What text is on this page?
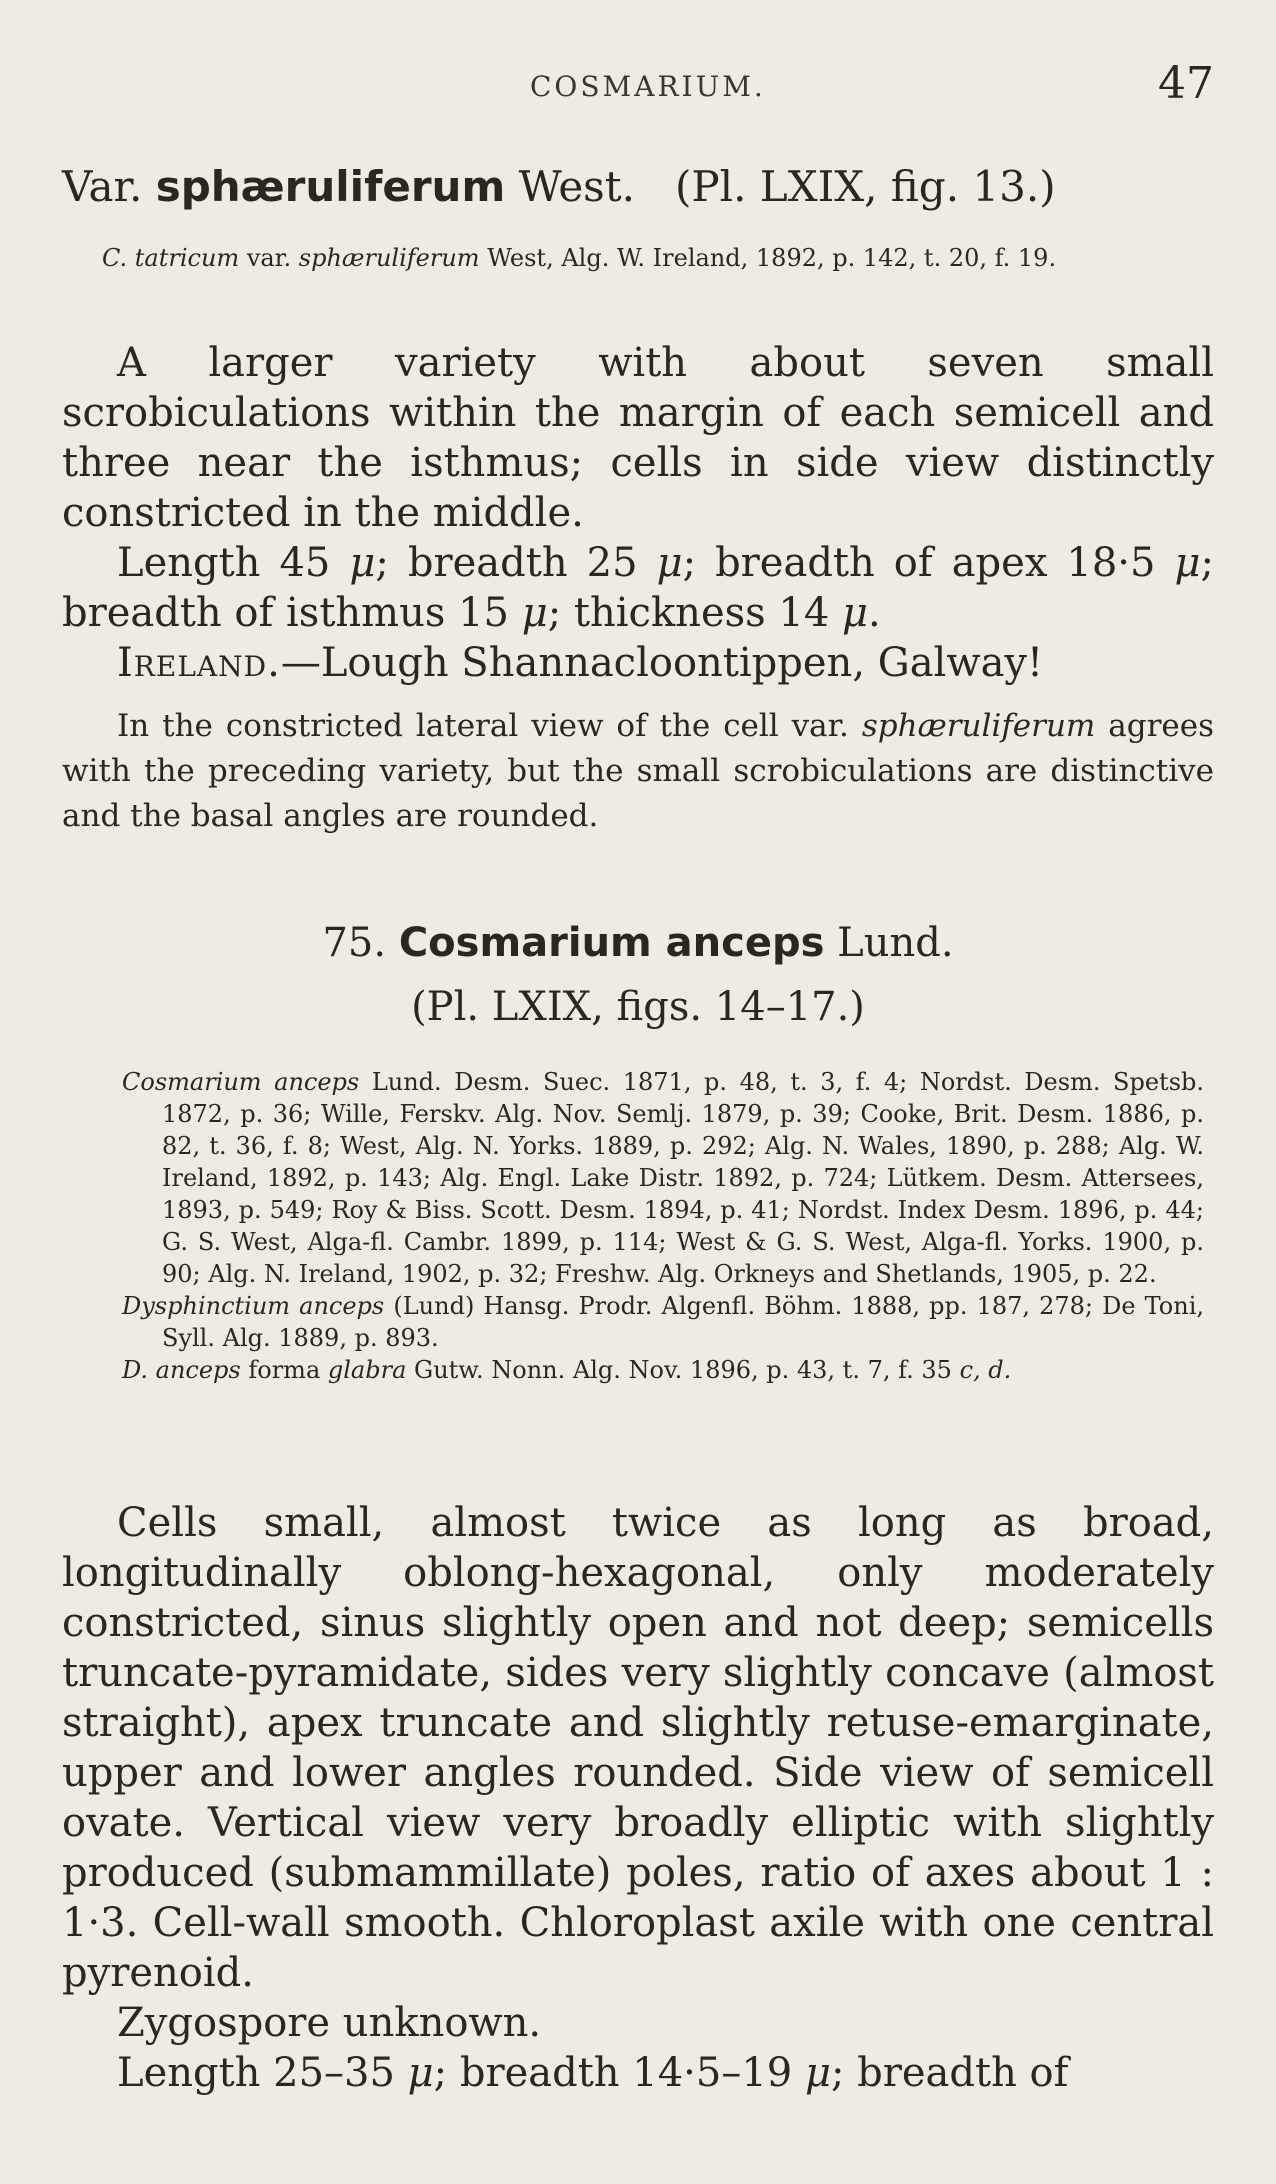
COSMARIUM.	47

Var. sphæruliferum West. (Pl. LXIX, fig. 13.)

C. tatricum var. sphæruliferum West, Alg. W. Ireland, 1892, p. 142, t. 20, f. 19.

A larger variety with about seven small scrobiculations within the margin of each semicell and three near the isthmus; cells in side view distinctly constricted in the middle.

Length 45 μ; breadth 25 μ; breadth of apex 18·5 μ; breadth of isthmus 15 μ; thickness 14 μ.

Ireland.—Lough Shannacloontippen, Galway!

In the constricted lateral view of the cell var. sphæruliferum agrees with the preceding variety, but the small scrobiculations are distinctive and the basal angles are rounded.

75. Cosmarium anceps Lund.

(Pl. LXIX, figs. 14–17.)

Cosmarium anceps Lund. Desm. Suec. 1871, p. 48, t. 3, f. 4; Nordst. Desm. Spetsb. 1872, p. 36; Wille, Ferskv. Alg. Nov. Semlj. 1879, p. 39; Cooke, Brit. Desm. 1886, p. 82, t. 36, f. 8; West, Alg. N. Yorks. 1889, p. 292; Alg. N. Wales, 1890, p. 288; Alg. W. Ireland, 1892, p. 143; Alg. Engl. Lake Distr. 1892, p. 724; Lütkem. Desm. Attersees, 1893, p. 549; Roy & Biss. Scott. Desm. 1894, p. 41; Nordst. Index Desm. 1896, p. 44; G. S. West, Alga-fl. Cambr. 1899, p. 114; West & G. S. West, Alga-fl. Yorks. 1900, p. 90; Alg. N. Ireland, 1902, p. 32; Freshw. Alg. Orkneys and Shetlands, 1905, p. 22.

Dysphinctium anceps (Lund) Hansg. Prodr. Algenfl. Böhm. 1888, pp. 187, 278; De Toni, Syll. Alg. 1889, p. 893.

D. anceps forma glabra Gutw. Nonn. Alg. Nov. 1896, p. 43, t. 7, f. 35 c, d.

Cells small, almost twice as long as broad, longitudinally oblong-hexagonal, only moderately constricted, sinus slightly open and not deep; semicells truncate-pyramidate, sides very slightly concave (almost straight), apex truncate and slightly retuse-emarginate, upper and lower angles rounded. Side view of semicell ovate. Vertical view very broadly elliptic with slightly produced (submammillate) poles, ratio of axes about 1 : 1·3. Cell-wall smooth. Chloroplast axile with one central pyrenoid.

Zygospore unknown.

Length 25–35 μ; breadth 14·5–19 μ; breadth of
